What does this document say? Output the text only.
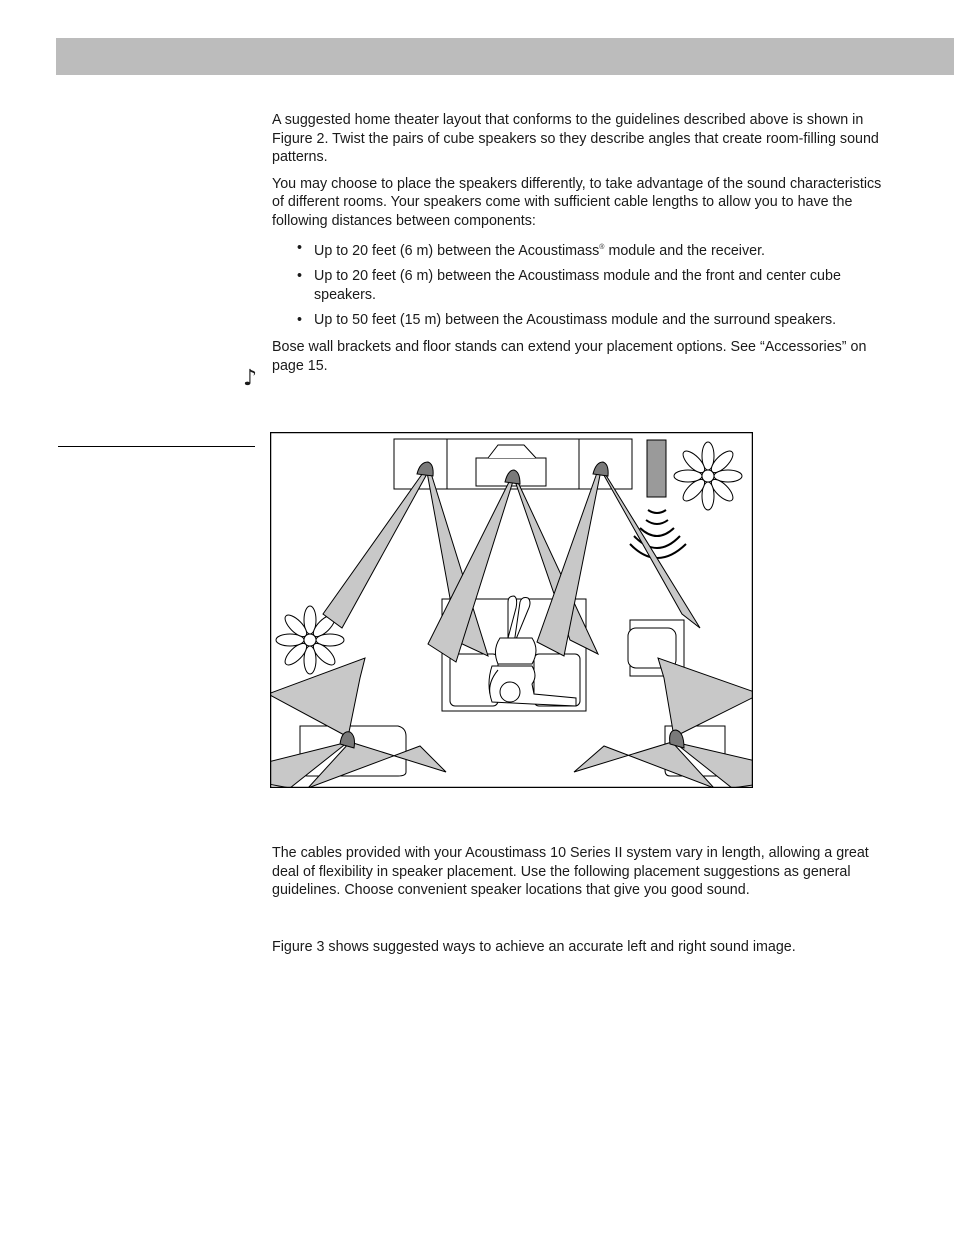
A suggested home theater layout that conforms to the guidelines described above is shown in Figure 2. Twist the pairs of cube speakers so they describe angles that create room-filling sound patterns.

You may choose to place the speakers differently, to take advantage of the sound characteristics of different rooms. Your speakers come with sufficient cable lengths to allow you to have the following distances between components:

• Up to 20 feet (6 m) between the Acoustimass® module and the receiver.
• Up to 20 feet (6 m) between the Acoustimass module and the front and center cube speakers.
• Up to 50 feet (15 m) between the Acoustimass module and the surround speakers.

Bose wall brackets and floor stands can extend your placement options. See “Accessories” on page 15.

♪

The cables provided with your Acoustimass 10 Series II system vary in length, allowing a great deal of flexibility in speaker placement. Use the following placement suggestions as general guidelines. Choose convenient speaker locations that give you good sound.

Figure 3 shows suggested ways to achieve an accurate left and right sound image.
